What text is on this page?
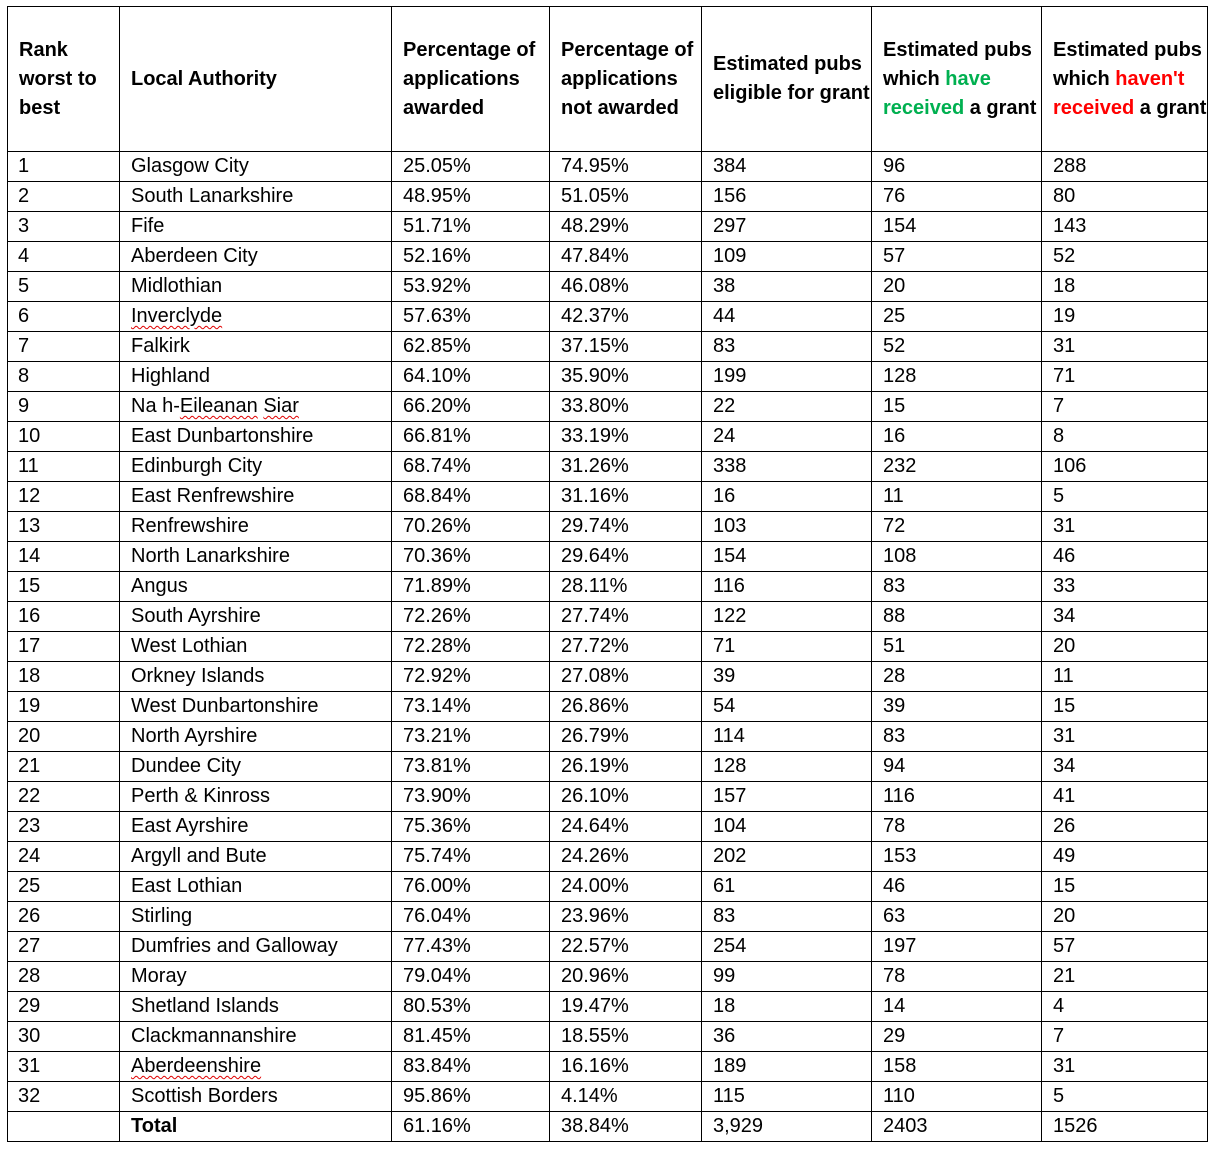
Rank worst to best	Local Authority	Percentage of applications awarded	Percentage of applications not awarded	Estimated pubs eligible for grant	Estimated pubs which have received a grant	Estimated pubs which haven't received a grant
1	Glasgow City	25.05%	74.95%	384	96	288
2	South Lanarkshire	48.95%	51.05%	156	76	80
3	Fife	51.71%	48.29%	297	154	143
4	Aberdeen City	52.16%	47.84%	109	57	52
5	Midlothian	53.92%	46.08%	38	20	18
6	Inverclyde	57.63%	42.37%	44	25	19
7	Falkirk	62.85%	37.15%	83	52	31
8	Highland	64.10%	35.90%	199	128	71
9	Na h-Eileanan Siar	66.20%	33.80%	22	15	7
10	East Dunbartonshire	66.81%	33.19%	24	16	8
11	Edinburgh City	68.74%	31.26%	338	232	106
12	East Renfrewshire	68.84%	31.16%	16	11	5
13	Renfrewshire	70.26%	29.74%	103	72	31
14	North Lanarkshire	70.36%	29.64%	154	108	46
15	Angus	71.89%	28.11%	116	83	33
16	South Ayrshire	72.26%	27.74%	122	88	34
17	West Lothian	72.28%	27.72%	71	51	20
18	Orkney Islands	72.92%	27.08%	39	28	11
19	West Dunbartonshire	73.14%	26.86%	54	39	15
20	North Ayrshire	73.21%	26.79%	114	83	31
21	Dundee City	73.81%	26.19%	128	94	34
22	Perth & Kinross	73.90%	26.10%	157	116	41
23	East Ayrshire	75.36%	24.64%	104	78	26
24	Argyll and Bute	75.74%	24.26%	202	153	49
25	East Lothian	76.00%	24.00%	61	46	15
26	Stirling	76.04%	23.96%	83	63	20
27	Dumfries and Galloway	77.43%	22.57%	254	197	57
28	Moray	79.04%	20.96%	99	78	21
29	Shetland Islands	80.53%	19.47%	18	14	4
30	Clackmannanshire	81.45%	18.55%	36	29	7
31	Aberdeenshire	83.84%	16.16%	189	158	31
32	Scottish Borders	95.86%	4.14%	115	110	5
	Total	61.16%	38.84%	3,929	2403	1526
